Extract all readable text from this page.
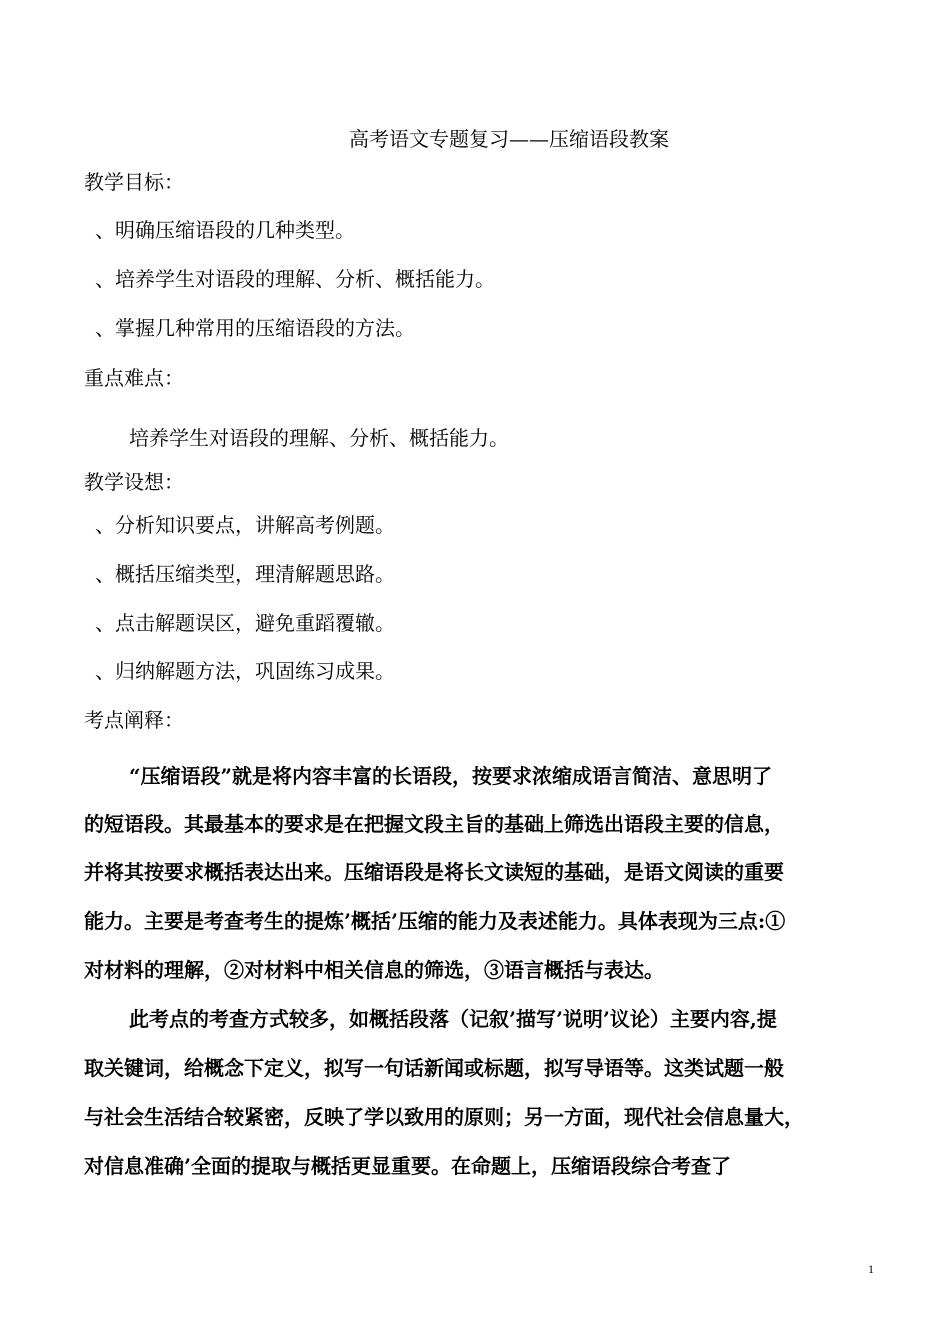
高考语文专题复习——压缩语段教案
教学目标：
、明确压缩语段的几种类型。
、培养学生对语段的理解、分析、概括能力。
、掌握几种常用的压缩语段的方法。
重点难点：
培养学生对语段的理解、分析、概括能力。
教学设想：
、分析知识要点，讲解高考例题。
、概括压缩类型，理清解题思路。
、点击解题误区，避免重蹈覆辙。
、归纳解题方法，巩固练习成果。
考点阐释：
“压缩语段”就是将内容丰富的长语段，按要求浓缩成语言简洁、意思明了
的短语段。其最基本的要求是在把握文段主旨的基础上筛选出语段主要的信息，
并将其按要求概括表达出来。压缩语段是将长文读短的基础，是语文阅读的重要
能力。主要是考查考生的提炼’概括’压缩的能力及表述能力。具体表现为三点:①
对材料的理解，②对材料中相关信息的筛选，③语言概括与表达。
此考点的考查方式较多，如概括段落（记叙’描写’说明’议论）主要内容,提
取关键词，给概念下定义，拟写一句话新闻或标题，拟写导语等。这类试题一般
与社会生活结合较紧密，反映了学以致用的原则；另一方面，现代社会信息量大，
对信息准确’全面的提取与概括更显重要。在命题上，压缩语段综合考查了
1
